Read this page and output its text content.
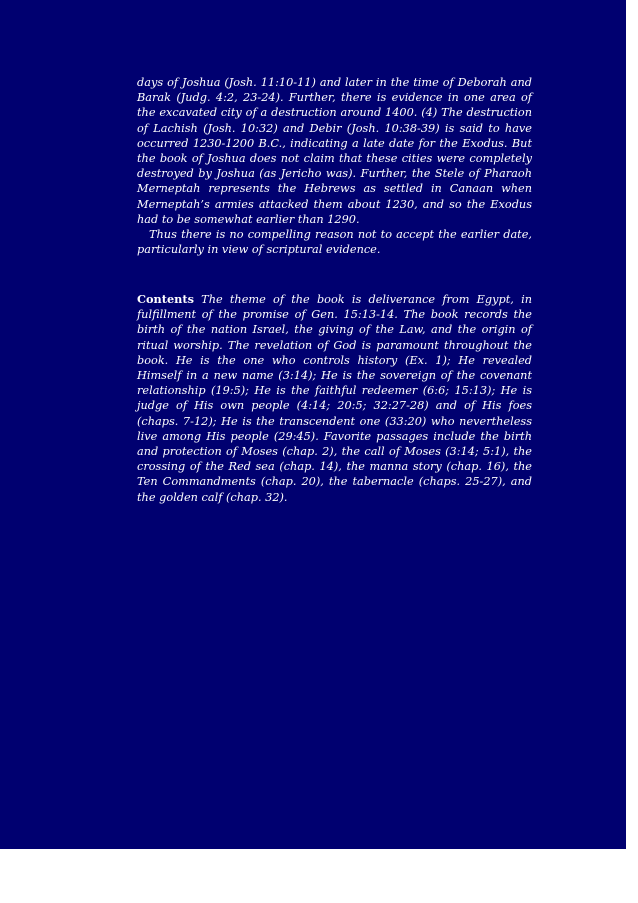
days of Joshua (Josh. 11:10-11) and later in the time of Deborah and Barak (Judg. 4:2, 23-24). Further, there is evidence in one area of the excavated city of a destruction around 1400. (4) The destruction of Lachish (Josh. 10:32) and Debir (Josh. 10:38-39) is said to have occurred 1230-1200 B.C., indicating a late date for the Exodus. But the book of Joshua does not claim that these cities were completely destroyed by Joshua (as Jericho was). Further, the Stele of Pharaoh Merneptah represents the Hebrews as settled in Canaan when Merneptah’s armies attacked them about 1230, and so the Exodus had to be somewhat earlier than 1290.

Thus there is no compelling reason not to accept the earlier date, particularly in view of scriptural evidence.

Contents The theme of the book is deliverance from Egypt, in fulfillment of the promise of Gen. 15:13-14. The book records the birth of the nation Israel, the giving of the Law, and the origin of ritual worship. The revelation of God is paramount throughout the book. He is the one who controls history (Ex. 1); He revealed Himself in a new name (3:14); He is the sovereign of the covenant relationship (19:5); He is the faithful redeemer (6:6; 15:13); He is judge of His own people (4:14; 20:5; 32:27-28) and of His foes (chaps. 7-12); He is the transcendent one (33:20) who nevertheless live among His people (29:45). Favorite passages include the birth and protection of Moses (chap. 2), the call of Moses (3:14; 5:1), the crossing of the Red sea (chap. 14), the manna story (chap. 16), the Ten Commandments (chap. 20), the tabernacle (chaps. 25-27), and the golden calf (chap. 32).
